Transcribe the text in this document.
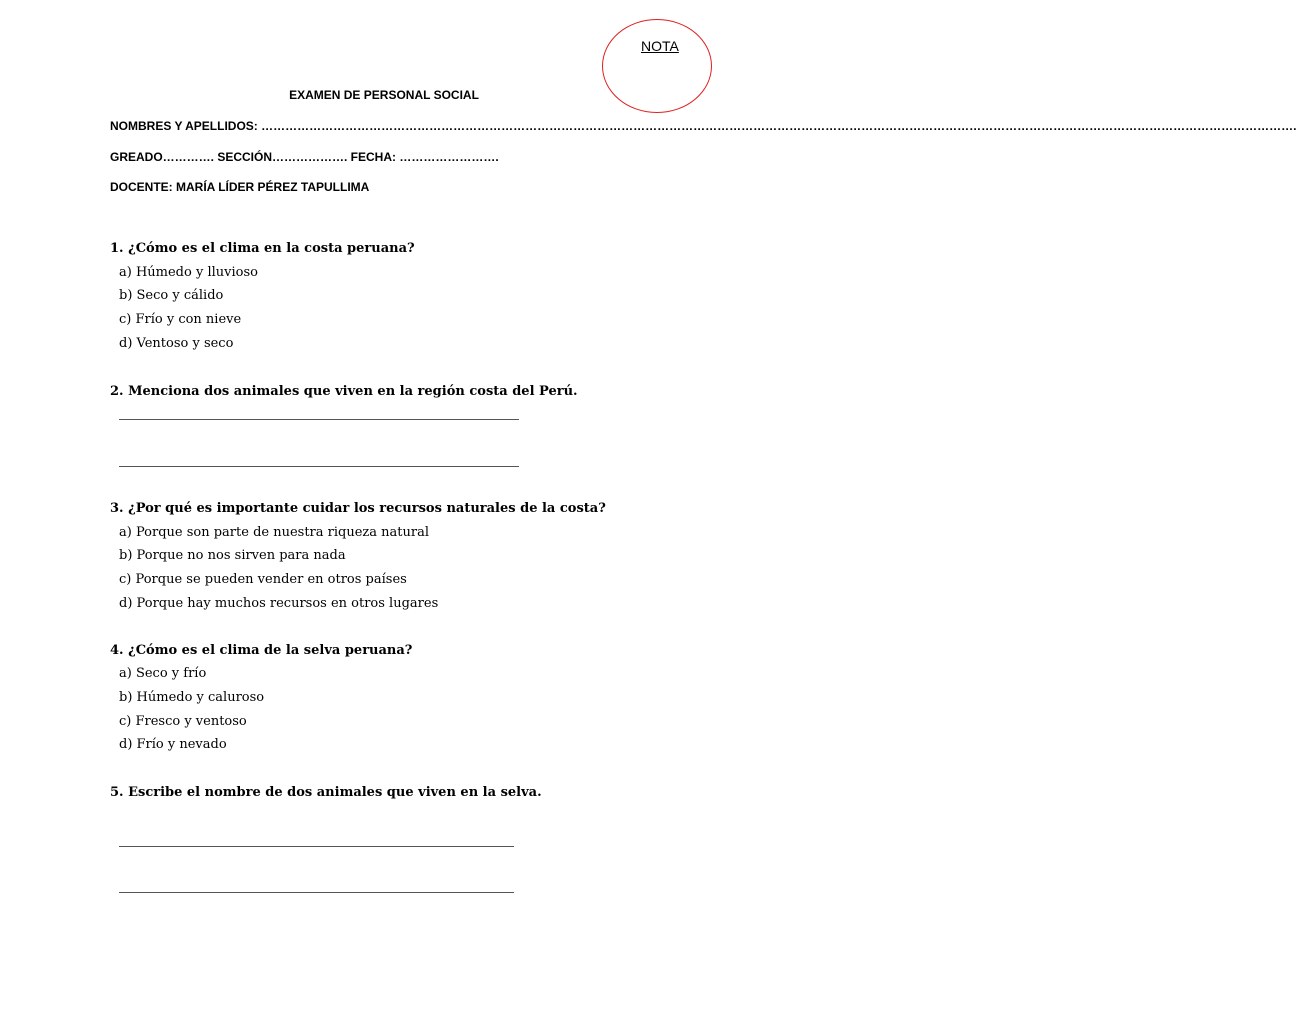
NOTA
EXAMEN DE PERSONAL SOCIAL
NOMBRES Y APELLIDOS: …………………………………………………………………………………………………………………………………………………………………………………………………………………………………….
GREADO…………. SECCIÓN………………. FECHA: …………………….
DOCENTE: MARÍA LÍDER PÉREZ TAPULLIMA
1. ¿Cómo es el clima en la costa peruana?
a) Húmedo y lluvioso
b) Seco y cálido
c) Frío y con nieve
d) Ventoso y seco
2. Menciona dos animales que viven en la región costa del Perú.
3. ¿Por qué es importante cuidar los recursos naturales de la costa?
a) Porque son parte de nuestra riqueza natural
b) Porque no nos sirven para nada
c) Porque se pueden vender en otros países
d) Porque hay muchos recursos en otros lugares
4. ¿Cómo es el clima de la selva peruana?
a) Seco y frío
b) Húmedo y caluroso
c) Fresco y ventoso
d) Frío y nevado
5. Escribe el nombre de dos animales que viven en la selva.
